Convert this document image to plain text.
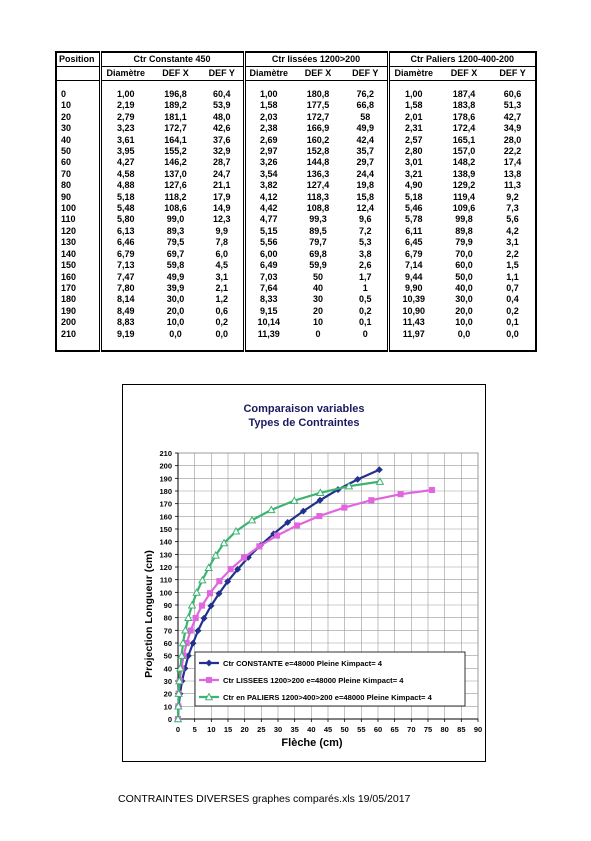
Position	Ctr Constante 450			Ctr lissées 1200>200			Ctr Paliers 1200-400-200		
	Diamètre	DEF X	DEF Y	Diamètre	DEF X	DEF Y	Diamètre	DEF X	DEF Y

0	1,00	196,8	60,4	1,00	180,8	76,2	1,00	187,4	60,6
10	2,19	189,2	53,9	1,58	177,5	66,8	1,58	183,8	51,3
20	2,79	181,1	48,0	2,03	172,7	58	2,01	178,6	42,7
30	3,23	172,7	42,6	2,38	166,9	49,9	2,31	172,4	34,9
40	3,61	164,1	37,6	2,69	160,2	42,4	2,57	165,1	28,0
50	3,95	155,2	32,9	2,97	152,8	35,7	2,80	157,0	22,2
60	4,27	146,2	28,7	3,26	144,8	29,7	3,01	148,2	17,4
70	4,58	137,0	24,7	3,54	136,3	24,4	3,21	138,9	13,8
80	4,88	127,6	21,1	3,82	127,4	19,8	4,90	129,2	11,3
90	5,18	118,2	17,9	4,12	118,3	15,8	5,18	119,4	9,2
100	5,48	108,6	14,9	4,42	108,8	12,4	5,46	109,6	7,3
110	5,80	99,0	12,3	4,77	99,3	9,6	5,78	99,8	5,6
120	6,13	89,3	9,9	5,15	89,5	7,2	6,11	89,8	4,2
130	6,46	79,5	7,8	5,56	79,7	5,3	6,45	79,9	3,1
140	6,79	69,7	6,0	6,00	69,8	3,8	6,79	70,0	2,2
150	7,13	59,8	4,5	6,49	59,9	2,6	7,14	60,0	1,5
160	7,47	49,9	3,1	7,03	50	1,7	9,44	50,0	1,1
170	7,80	39,9	2,1	7,64	40	1	9,90	40,0	0,7
180	8,14	30,0	1,2	8,33	30	0,5	10,39	30,0	0,4
190	8,49	20,0	0,6	9,15	20	0,2	10,90	20,0	0,2
200	8,83	10,0	0,2	10,14	10	0,1	11,43	10,0	0,1
210	9,19	0,0	0,0	11,39	0	0	11,97	0,0	0,0

Comparaison variables
Types de Contraintes
0
10
20
30
40
50
60
70
80
90
100
110
120
130
140
150
160
170
180
190
200
210
0 5 10 15 20 25 30 35 40 45 50 55 60 65 70 75 80 85 90
Ctr CONSTANTE e=48000 Pleine Kimpact= 4
Ctr LISSEES 1200>200 e=48000 Pleine Kimpact= 4
Ctr en PALIERS 1200>400>200 e=48000 Pleine Kimpact= 4
Flèche (cm)
Projection Longueur (cm)
CONTRAINTES DIVERSES graphes comparés.xls 19/05/2017
